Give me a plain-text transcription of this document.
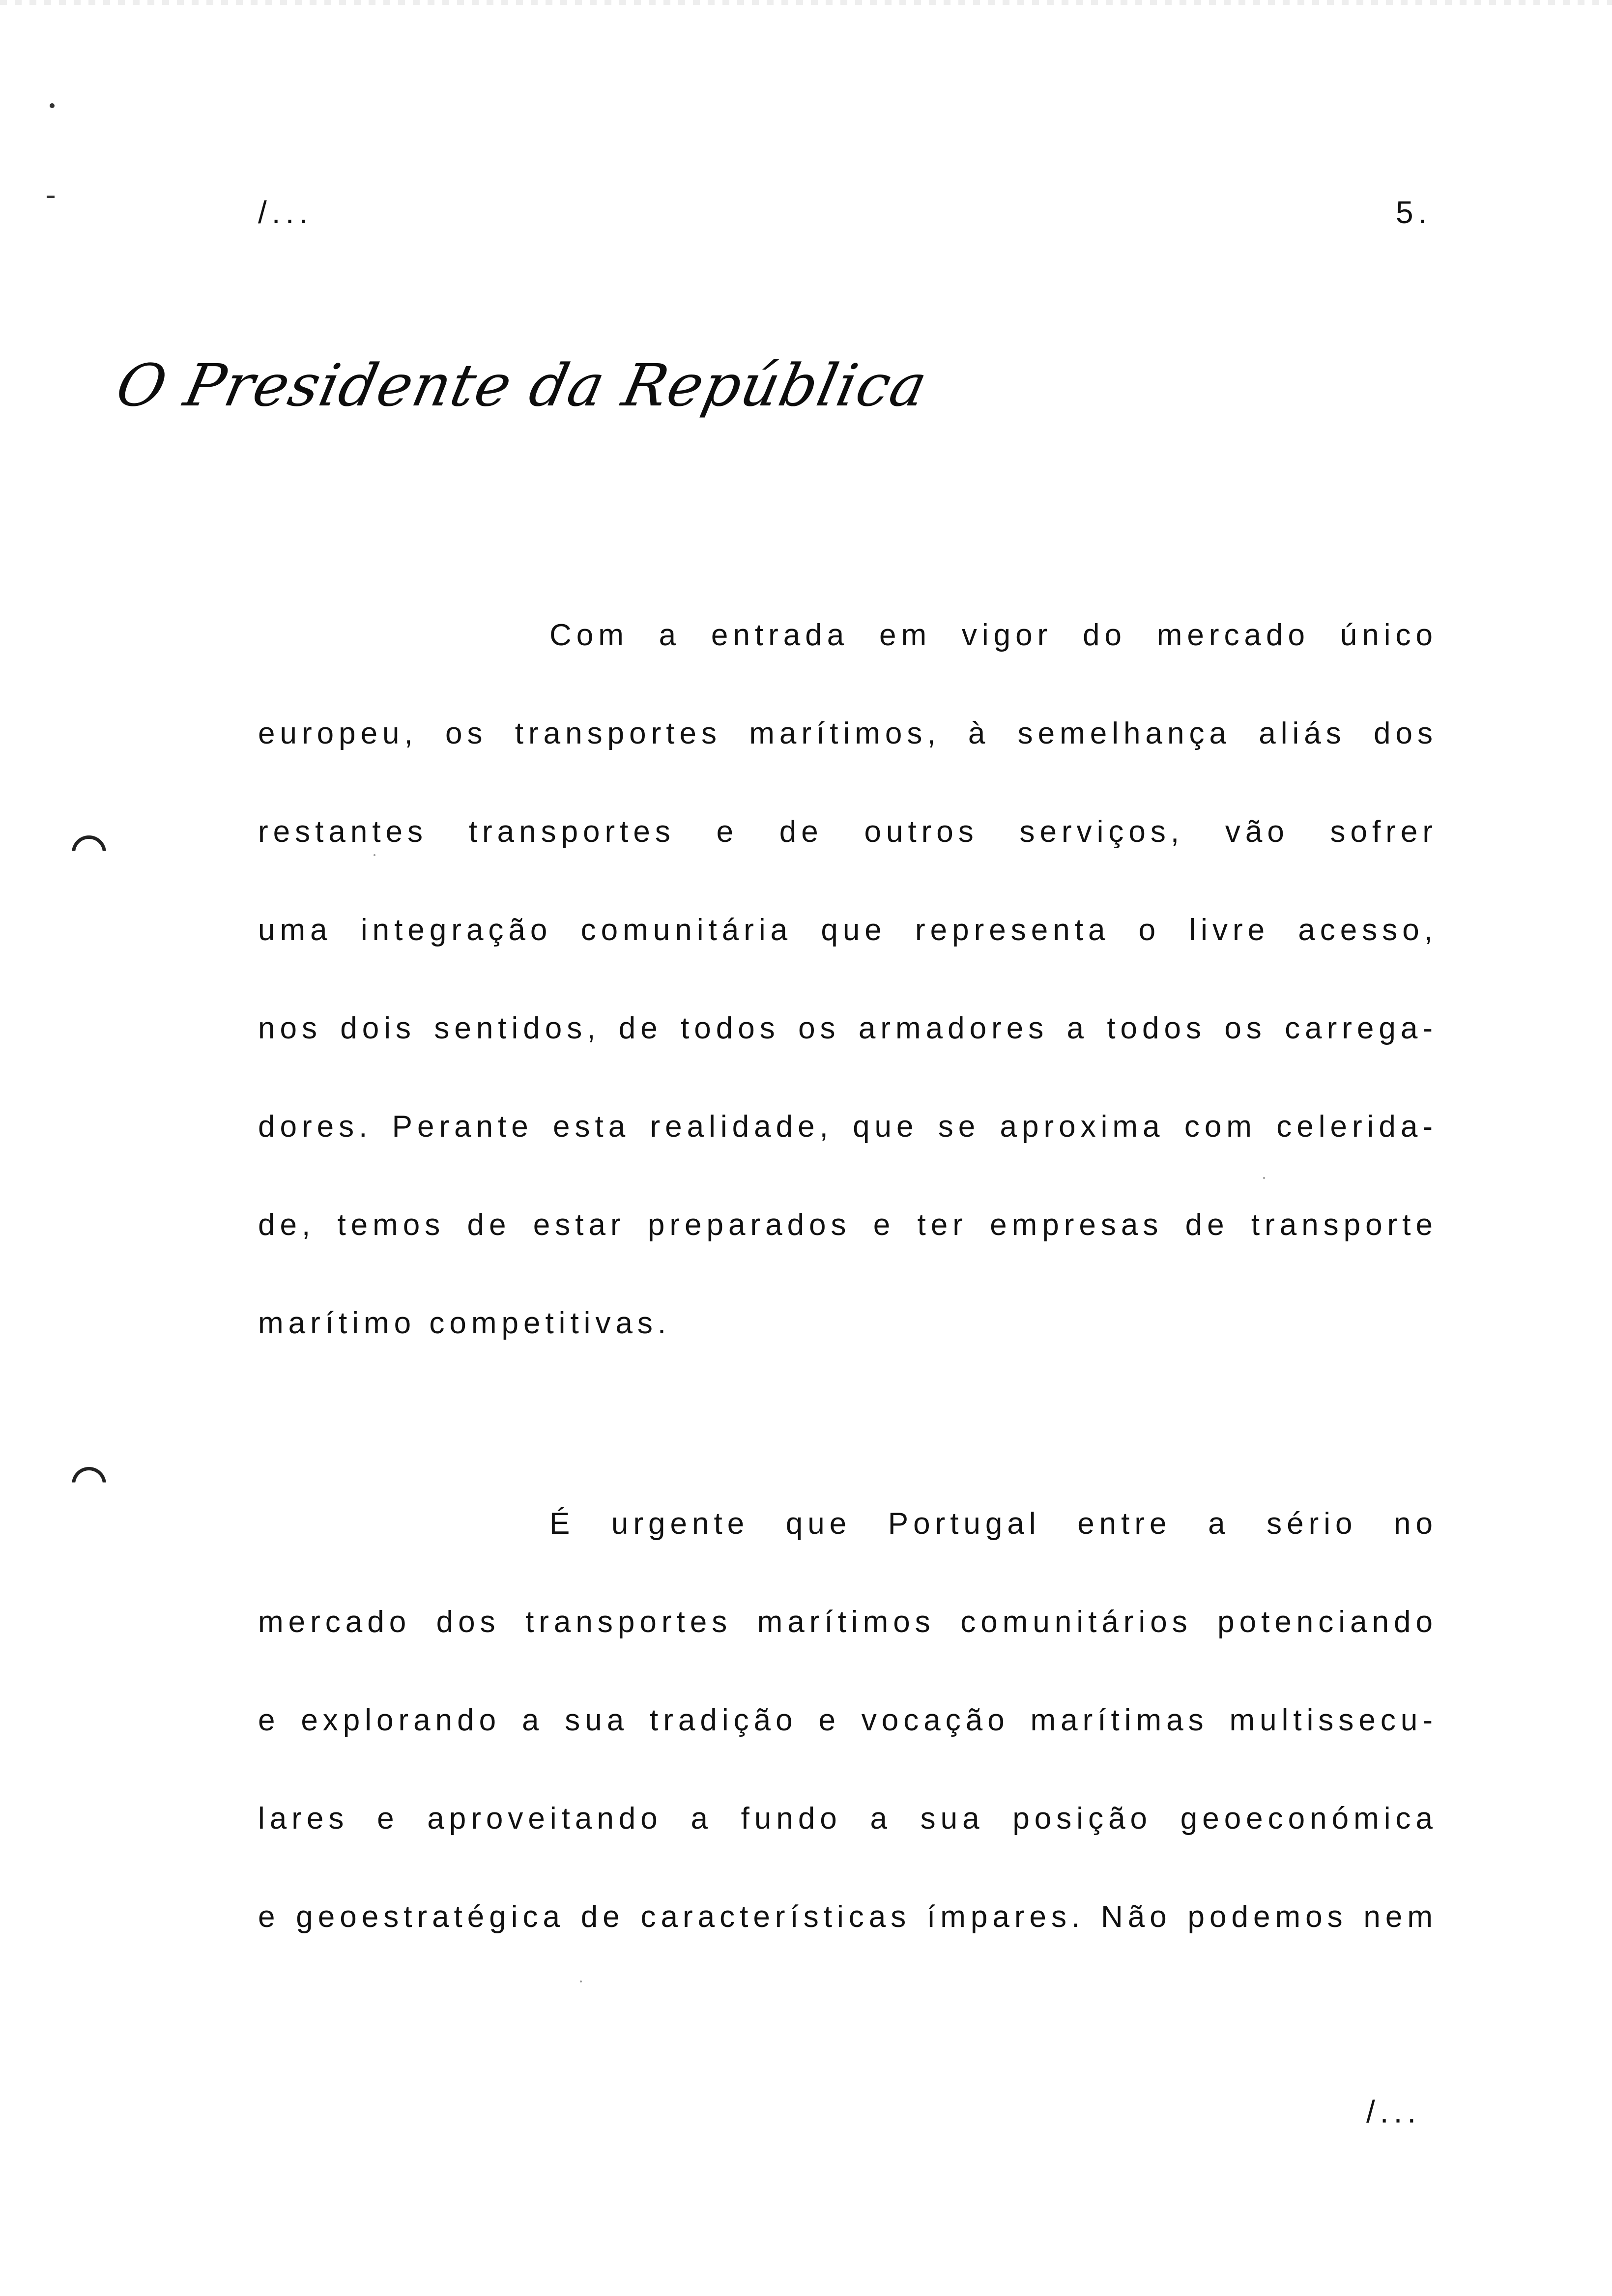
/...	5.
O Presidente da República
Com a entrada em vigor do mercado único
europeu, os transportes marítimos, à semelhança aliás dos
restantes transportes e de outros serviços, vão sofrer
uma integração comunitária que representa o livre acesso,
nos dois sentidos, de todos os armadores a todos os carrega-
dores. Perante esta realidade, que se aproxima com celerida-
de, temos de estar preparados e ter empresas de transporte
marítimo competitivas.
É urgente que Portugal entre a sério no
mercado dos transportes marítimos comunitários potenciando
e explorando a sua tradição e vocação marítimas multissecu-
lares e aproveitando a fundo a sua posição geoeconómica
e geoestratégica de características ímpares. Não podemos nem
/...
